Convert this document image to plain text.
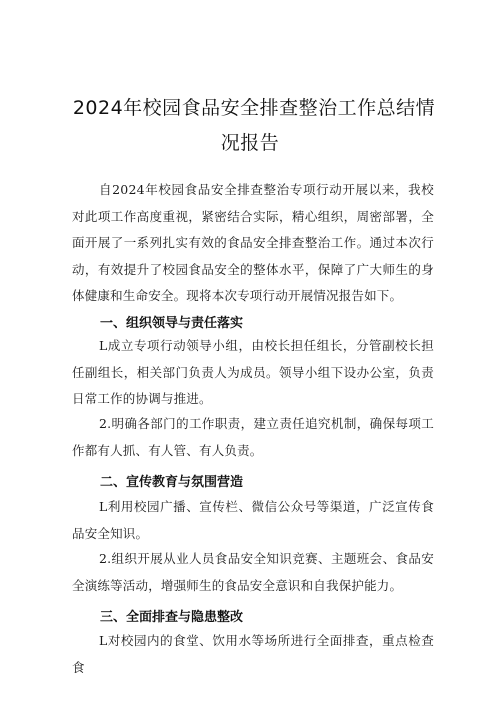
2024年校园食品安全排查整治工作总结情
况报告

自2024年校园食品安全排查整治专项行动开展以来，我校对此项工作高度重视，紧密结合实际，精心组织，周密部署，全面开展了一系列扎实有效的食品安全排查整治工作。通过本次行动，有效提升了校园食品安全的整体水平，保障了广大师生的身体健康和生命安全。现将本次专项行动开展情况报告如下。

一、组织领导与责任落实

L成立专项行动领导小组，由校长担任组长，分管副校长担任副组长，相关部门负责人为成员。领导小组下设办公室，负责日常工作的协调与推进。

2.明确各部门的工作职责，建立责任追究机制，确保每项工作都有人抓、有人管、有人负责。

二、宣传教育与氛围营造

L利用校园广播、宣传栏、微信公众号等渠道，广泛宣传食品安全知识。

2.组织开展从业人员食品安全知识竞赛、主题班会、食品安全演练等活动，增强师生的食品安全意识和自我保护能力。

三、全面排查与隐患整改

L对校园内的食堂、饮用水等场所进行全面排查，重点检查食
